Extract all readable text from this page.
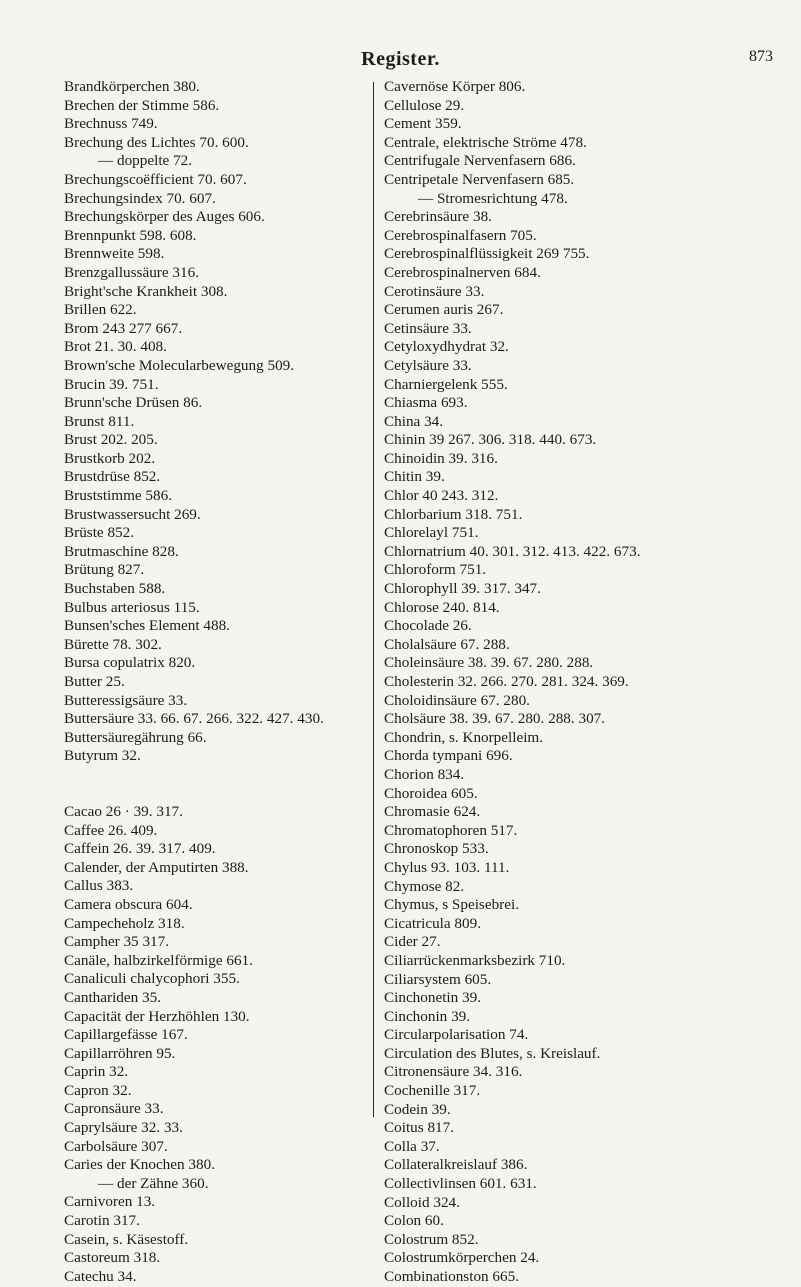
Register.	873
Brandkörperchen 380.
Brechen der Stimme 586.
Brechnuss 749.
Brechung des Lichtes 70. 600.
— doppelte 72.
Brechungscoëfficient 70. 607.
Brechungsindex 70. 607.
Brechungskörper des Auges 606.
Brennpunkt 598. 608.
Brennweite 598.
Brenzgallussäure 316.
Bright'sche Krankheit 308.
Brillen 622.
Brom 243 277 667.
Brot 21. 30. 408.
Brown'sche Molecularbewegung 509.
Brucin 39. 751.
Brunn'sche Drüsen 86.
Brunst 811.
Brust 202. 205.
Brustkorb 202.
Brustdrüse 852.
Bruststimme 586.
Brustwassersucht 269.
Brüste 852.
Brutmaschine 828.
Brütung 827.
Buchstaben 588.
Bulbus arteriosus 115.
Bunsen'sches Element 488.
Bürette 78. 302.
Bursa copulatrix 820.
Butter 25.
Butteressigsäure 33.
Buttersäure 33. 66. 67. 266. 322. 427. 430.
Buttersäuregährung 66.
Butyrum 32.
Cacao 26 · 39. 317.
Caffee 26. 409.
Caffein 26. 39. 317. 409.
Calender, der Amputirten 388.
Callus 383.
Camera obscura 604.
Campecheholz 318.
Campher 35 317.
Canäle, halbzirkelförmige 661.
Canaliculi chalycophori 355.
Canthariden 35.
Capacität der Herzhöhlen 130.
Capillargefässe 167.
Capillarröhren 95.
Caprin 32.
Capron 32.
Capronsäure 33.
Caprylsäure 32. 33.
Carbolsäure 307.
Caries der Knochen 380.
— der Zähne 360.
Carnivoren 13.
Carotin 317.
Casein, s. Käsestoff.
Castoreum 318.
Catechu 34.
Cavernöse Körper 806.
Cellulose 29.
Cement 359.
Centrale, elektrische Ströme 478.
Centrifugale Nervenfasern 686.
Centripetale Nervenfasern 685.
— Stromesrichtung 478.
Cerebrinsäure 38.
Cerebrospinalfasern 705.
Cerebrospinalflüssigkeit 269 755.
Cerebrospinalnerven 684.
Cerotinsäure 33.
Cerumen auris 267.
Cetinsäure 33.
Cetyloxydhydrat 32.
Cetylsäure 33.
Charniergelenk 555.
Chiasma 693.
China 34.
Chinin 39 267. 306. 318. 440. 673.
Chinoidin 39. 316.
Chitin 39.
Chlor 40 243. 312.
Chlorbarium 318. 751.
Chlorelayl 751.
Chlornatrium 40. 301. 312. 413. 422. 673.
Chloroform 751.
Chlorophyll 39. 317. 347.
Chlorose 240. 814.
Chocolade 26.
Cholalsäure 67. 288.
Choleinsäure 38. 39. 67. 280. 288.
Cholesterin 32. 266. 270. 281. 324. 369.
Choloidinsäure 67. 280.
Cholsäure 38. 39. 67. 280. 288. 307.
Chondrin, s. Knorpelleim.
Chorda tympani 696.
Chorion 834.
Choroidea 605.
Chromasie 624.
Chromatophoren 517.
Chronoskop 533.
Chylus 93. 103. 111.
Chymose 82.
Chymus, s Speisebrei.
Cicatricula 809.
Cider 27.
Ciliarrückenmarksbezirk 710.
Ciliarsystem 605.
Cinchonetin 39.
Cinchonin 39.
Circularpolarisation 74.
Circulation des Blutes, s. Kreislauf.
Citronensäure 34. 316.
Cochenille 317.
Codein 39.
Coitus 817.
Colla 37.
Collateralkreislauf 386.
Collectivlinsen 601. 631.
Colloid 324.
Colon 60.
Colostrum 852.
Colostrumkörperchen 24.
Combinationston 665.
